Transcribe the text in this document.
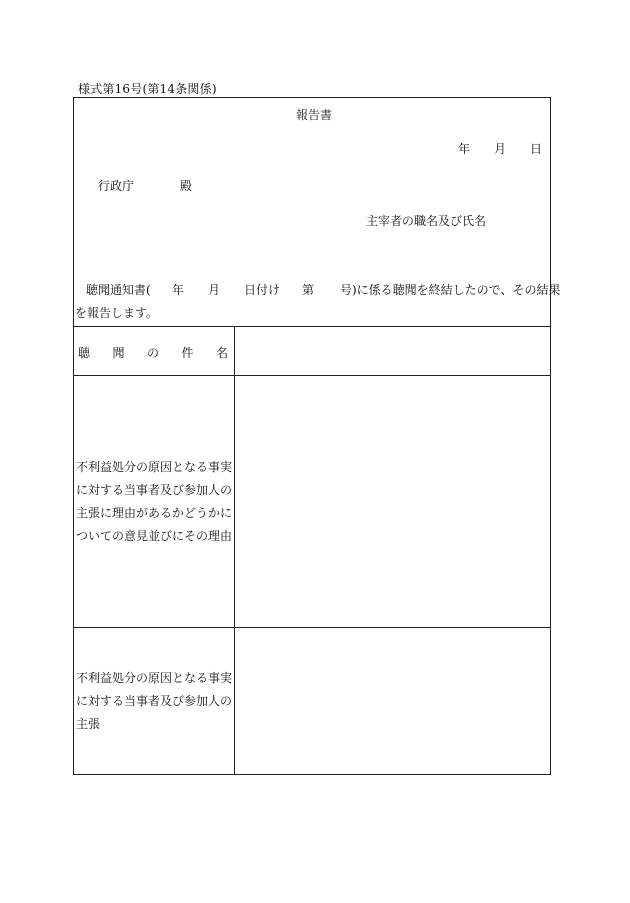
様式第16号(第14条関係)
報告書
年 月 日
行政庁	殿
主宰者の職名及び氏名
聴聞通知書( 年 月 日付け 第 号)に係る聴聞を終結したので、その結果
を報告します。
聴 聞 の 件 名
不利益処分の原因となる事実
に対する当事者及び参加人の
主張に理由があるかどうかに
ついての意見並びにその理由
不利益処分の原因となる事実
に対する当事者及び参加人の
主張
